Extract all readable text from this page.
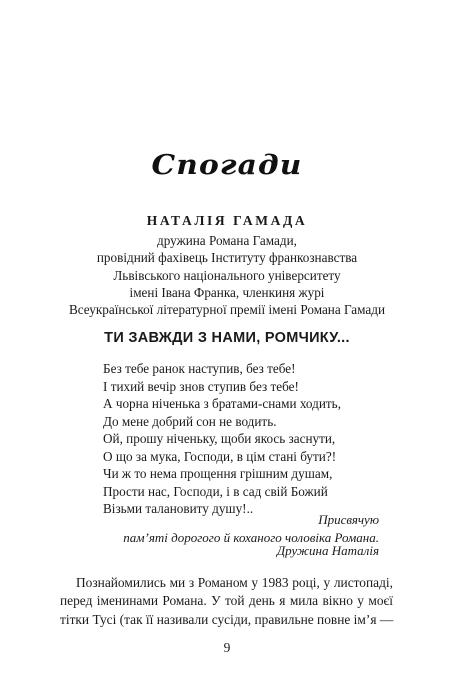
Спогади
НАТАЛІЯ ГАМАДА
дружина Романа Гамади,
провідний фахівець Інституту франкознавства
Львівського національного університету
імені Івана Франка, членкиня журі
Всеукраїнської літературної премії імені Романа Гамади
ТИ ЗАВЖДИ З НАМИ, РОМЧИКУ...
Без тебе ранок наступив, без тебе!
І тихий вечір знов ступив без тебе!
А чорна ніченька з братами-снами ходить,
До мене добрий сон не водить.
Ой, прошу ніченьку, щоби якось заснути,
О що за мука, Господи, в цім стані бути?!
Чи ж то нема прощення грішним душам,
Прости нас, Господи, і в сад свій Божий
Візьми талановиту душу!..
Присвячую
пам’яті дорогого й коханого чоловіка Романа.
Дружина Наталія
Познайомились ми з Романом у 1983 році, у листопаді,
перед іменинами Романа. У той день я мила вікно у моєї
тітки Тусі (так її називали сусіди, правильне повне ім’я —
9
